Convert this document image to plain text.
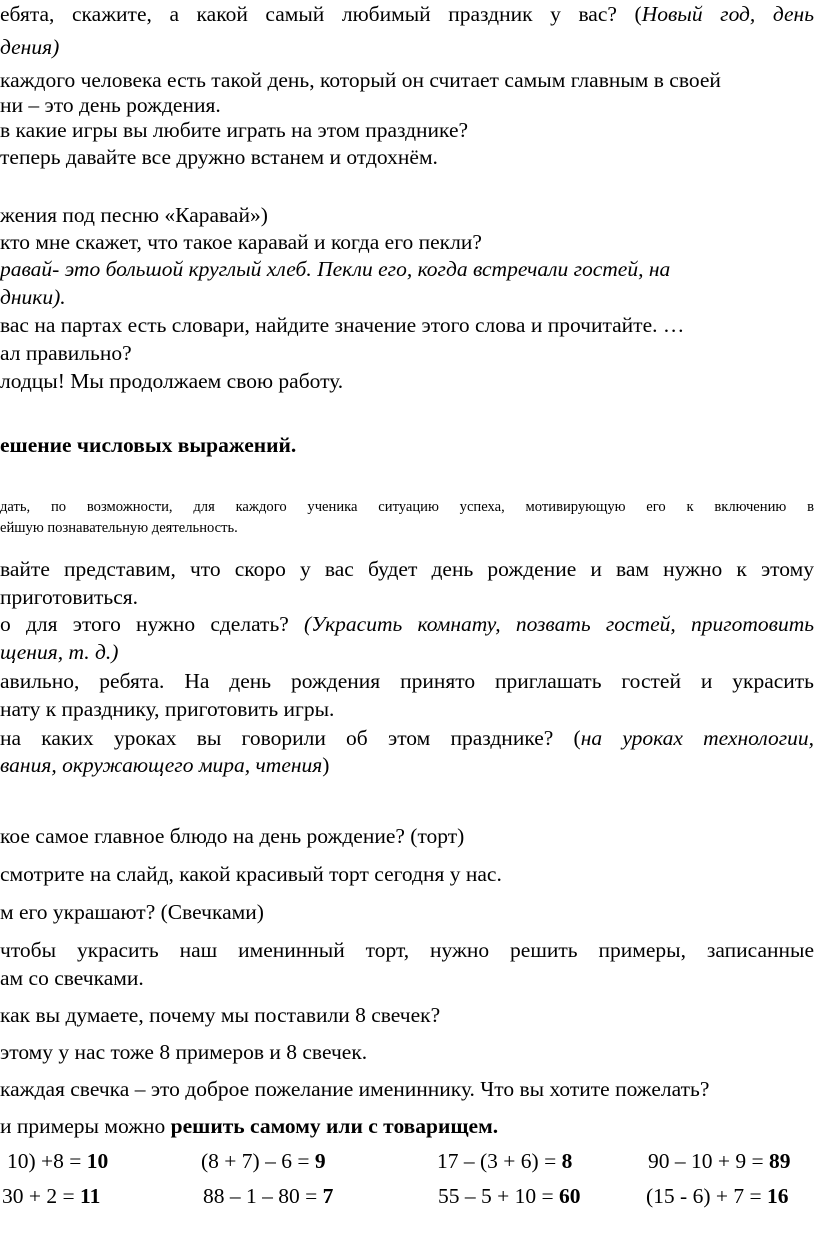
ебята, скажите, а какой самый любимый праздник у вас? (Новый год, день

дения)

каждого человека есть такой день, который он считает самым главным в своей

ни – это день рождения.

в какие игры вы любите играть на этом празднике?

теперь давайте все дружно встанем и отдохнём.

жения под песню «Каравай»)

кто мне скажет, что такое каравай и когда его пекли?

равай- это большой круглый хлеб. Пекли его, когда встречали гостей, на

дники).

вас на партах есть словари, найдите значение этого слова и прочитайте. …

ал правильно?

лодцы! Мы продолжаем свою работу.

ешение числовых выражений.

дать, по возможности, для каждого ученика ситуацию успеха, мотивирующую его к включению в

ейшую познавательную деятельность.

вайте представим, что скоро у вас будет день рождение и вам нужно к этому

приготовиться.

о для этого нужно сделать? (Украсить комнату, позвать гостей, приготовить

щения, т. д.)

авильно, ребята. На день рождения принято приглашать гостей и украсить

нату к празднику, приготовить игры.

на каких уроках вы говорили об этом празднике? (на уроках технологии,

вания, окружающего мира, чтения)

кое самое главное блюдо на день рождение? (торт)

смотрите на слайд, какой красивый торт сегодня у нас.

м его украшают? (Свечками)

чтобы украсить наш именинный торт, нужно решить примеры, записанные

ам со свечками.

как вы думаете, почему мы поставили 8 свечек?

этому у нас тоже 8 примеров и 8 свечек.

каждая свечка – это доброе пожелание имениннику. Что вы хотите пожелать?

и примеры можно решить самому или с товарищем.

10) +8 = 10	(8 + 7) – 6 = 9	17 – (3 + 6) = 8	90 – 10 + 9 = 89
30 + 2 = 11	88 – 1 – 80 = 7	55 – 5 + 10 = 60	(15 - 6) + 7 = 16
